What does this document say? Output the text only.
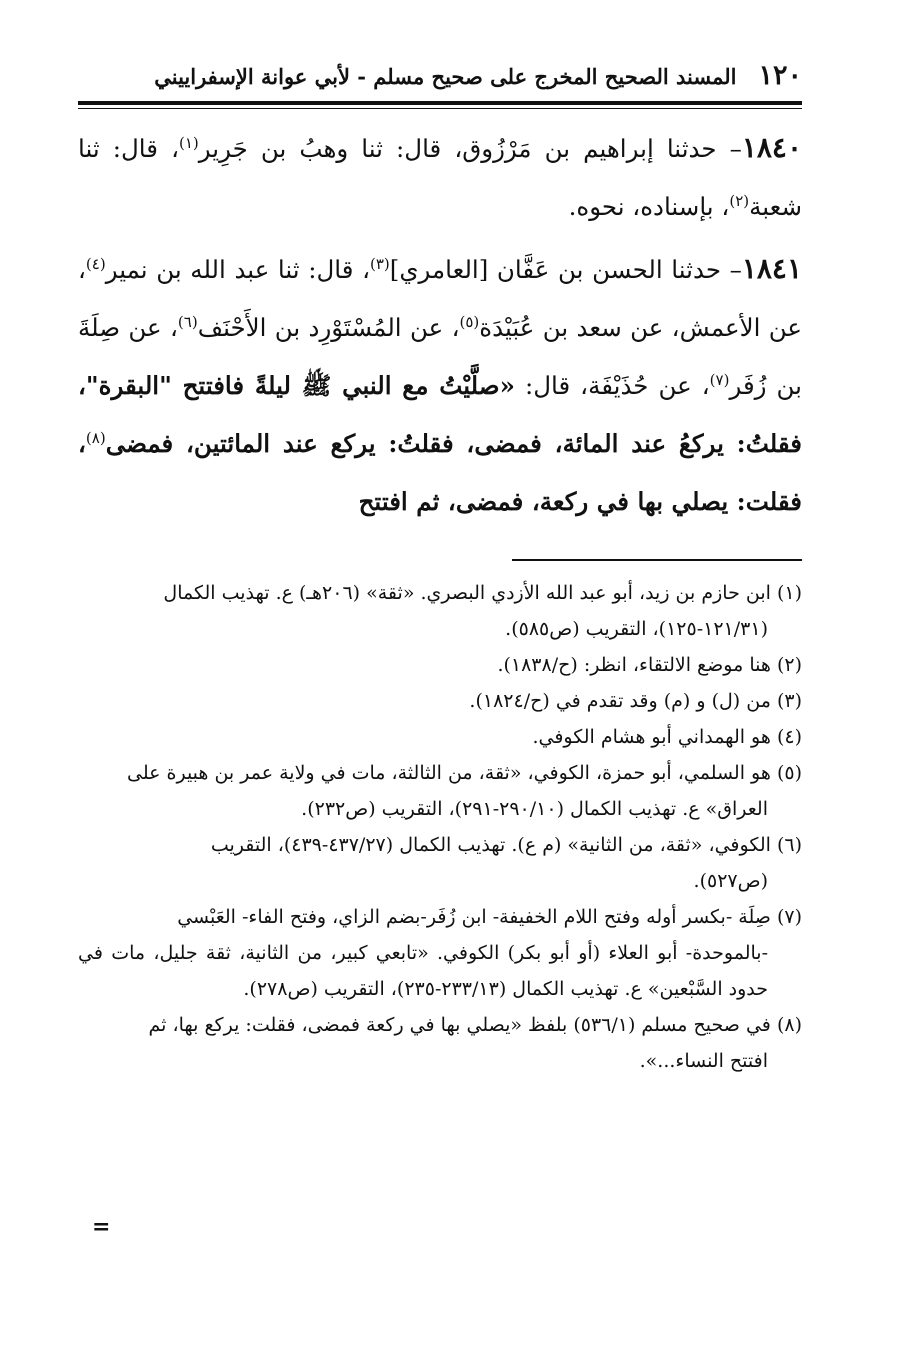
١٢٠
المسند الصحيح المخرج على صحيح مسلم - لأبي عوانة الإسفراييني

١٨٤٠– حدثنا إبراهيم بن مَرْزُوق، قال: ثنا وهبُ بن جَرِير$^{(١)}$، قال: ثنا شعبة$^{(٢)}$، بإسناده، نحوه.

١٨٤١– حدثنا الحسن بن عَفَّان [العامري]$^{(٣)}$، قال: ثنا عبد الله بن نمير$^{(٤)}$، عن الأعمش، عن سعد بن عُبَيْدَة$^{(٥)}$، عن المُسْتَوْرِد بن الأَحْنَف$^{(٦)}$، عن صِلَةَ بن زُفَر$^{(٧)}$، عن حُذَيْفَة، قال: «صلَّيْتُ مع النبي ﷺ ليلةً فافتتح "البقرة"، فقلتُ: يركعُ عند المائة، فمضى، فقلتُ: يركع عند المائتين، فمضى$^{(٨)}$، فقلت: يصلي بها في ركعة، فمضى، ثم افتتح

(١) ابن حازم بن زيد، أبو عبد الله الأزدي البصري. «ثقة» (٢٠٦هـ) ع. تهذيب الكمال
(١٢١/٣١-١٢٥)، التقريب (ص٥٨٥).

(٢) هنا موضع الالتقاء، انظر: (ح/١٨٣٨).

(٣) من (ل) و (م) وقد تقدم في (ح/١٨٢٤).

(٤) هو الهمداني أبو هشام الكوفي.

(٥) هو السلمي، أبو حمزة، الكوفي، «ثقة، من الثالثة، مات في ولاية عمر بن هبيرة على
العراق» ع. تهذيب الكمال (٢٩٠/١٠-٢٩١)، التقريب (ص٢٣٢).

(٦) الكوفي، «ثقة، من الثانية» (م ع). تهذيب الكمال (٤٣٧/٢٧-٤٣٩)، التقريب
(ص٥٢٧).

(٧) صِلَة -بكسر أوله وفتح اللام الخفيفة- ابن زُفَر-بضم الزاي، وفتح الفاء- العَبْسي
-بالموحدة- أبو العلاء (أو أبو بكر) الكوفي. «تابعي كبير، من الثانية، ثقة جليل، مات في حدود السَّبْعين» ع. تهذيب الكمال (٢٣٣/١٣-٢٣٥)، التقريب (ص٢٧٨).

(٨) في صحيح مسلم (٥٣٦/١) بلفظ «يصلي بها في ركعة فمضى، فقلت: يركع بها، ثم
افتتح النساء...».

=
